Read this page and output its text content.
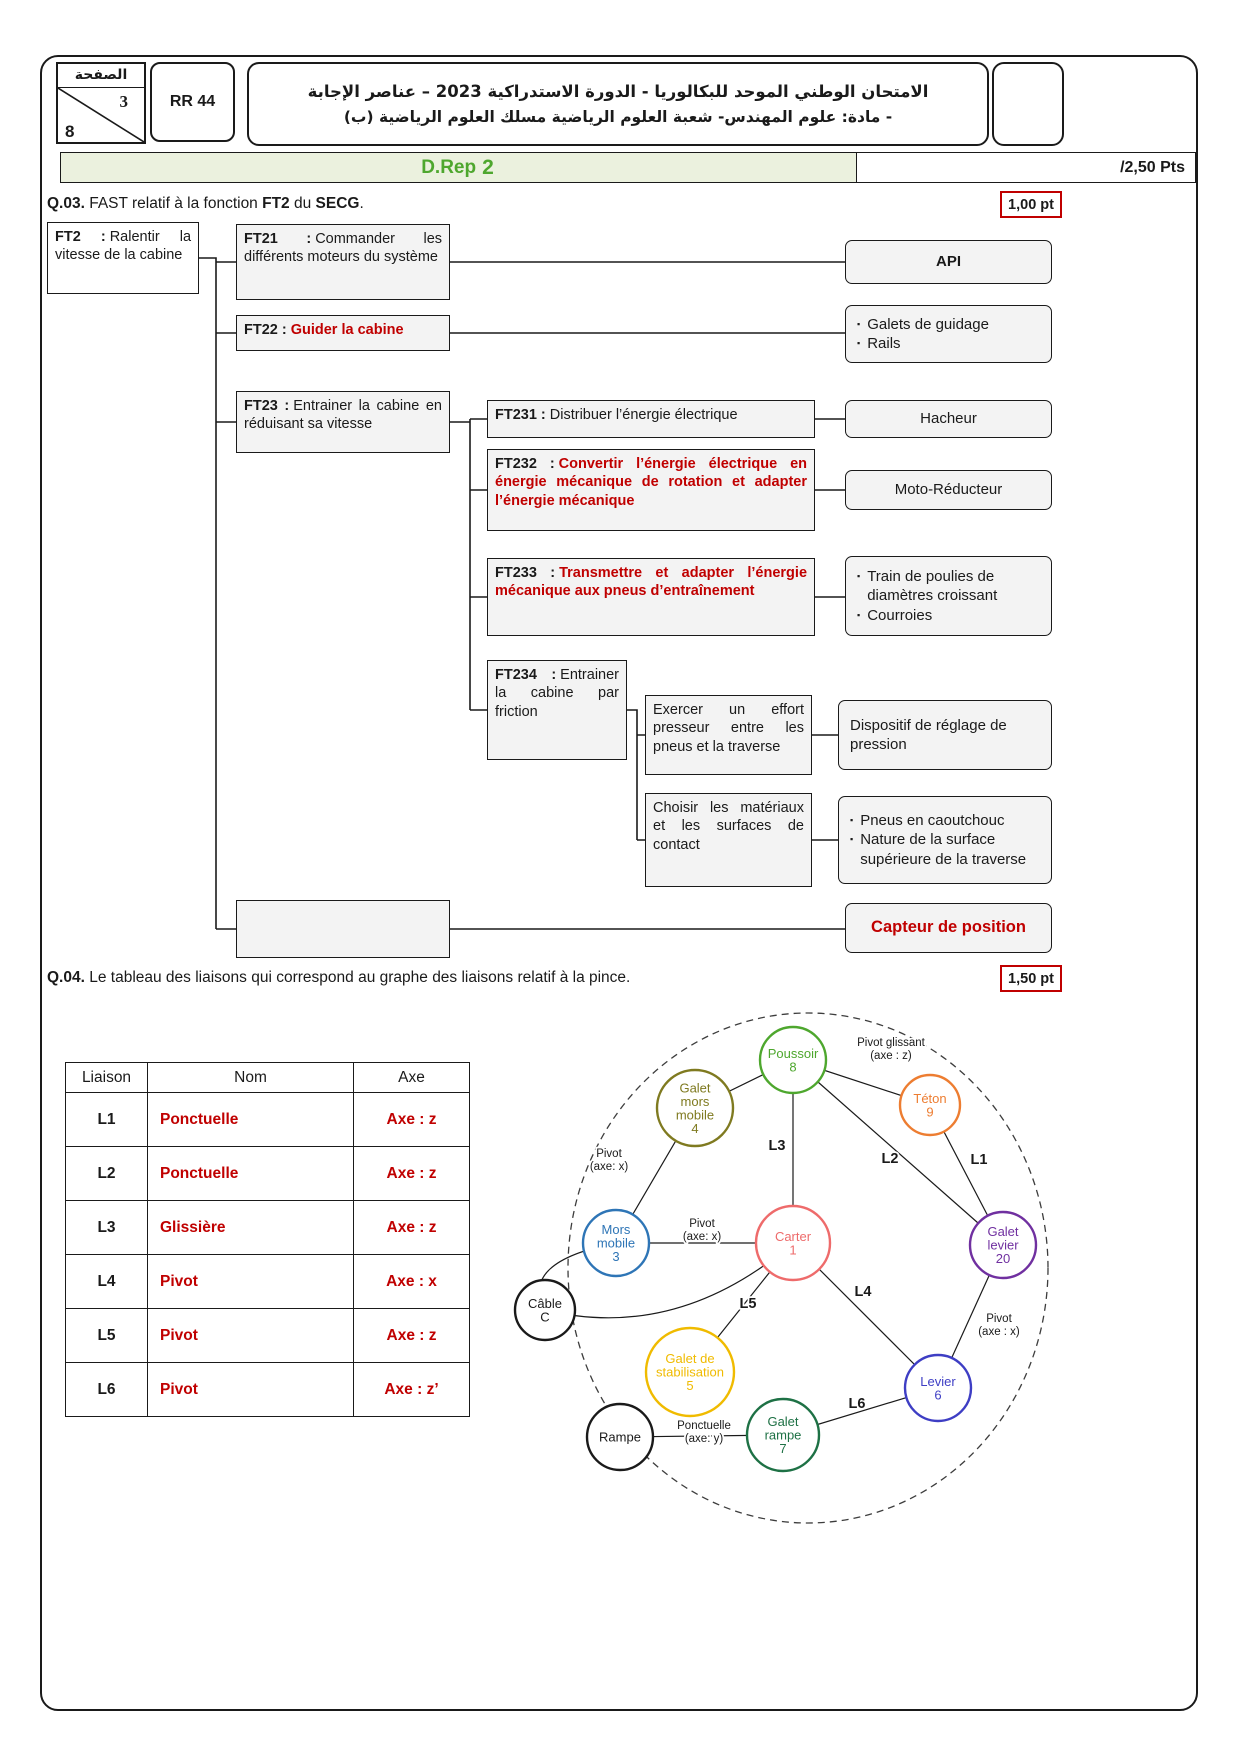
الصفحة
3
8
RR 44
الامتحان الوطني الموحد للبكالوريا - الدورة الاستدراكية 2023 – عناصر الإجابة
- مادة: علوم المهندس- شعبة العلوم الرياضية مسلك العلوم الرياضية (ب)
D.Rep 2	/2,50 Pts
Q.03. FAST relatif à la fonction FT2 du SECG.	1,00 pt
FT2 : Ralentir la vitesse de la cabine
FT21 : Commander les différents moteurs du système
FT22 : Guider la cabine
FT23 : Entrainer la cabine en réduisant sa vitesse
FT231 : Distribuer l’énergie électrique
FT232 : Convertir l’énergie électrique en énergie mécanique de rotation et adapter l’énergie mécanique
FT233 : Transmettre et adapter l’énergie mécanique aux pneus d’entraînement
FT234 : Entrainer la cabine par friction	Exercer un effort presseur entre les pneus et la traverse
Choisir les matériaux et les surfaces de contact
API
▪ Galets de guidage
▪ Rails
Hacheur
Moto-Réducteur
▪ Train de poulies de diamètres croissant
▪ Courroies
Dispositif de réglage de pression
▪ Pneus en caoutchouc
▪ Nature de la surface supérieure de la traverse
Capteur de position
Q.04. Le tableau des liaisons qui correspond au graphe des liaisons relatif à la pince.	1,50 pt
Liaison	Nom	Axe
L1	Ponctuelle	Axe : z
L2	Ponctuelle	Axe : z
L3	Glissière	Axe : z
L4	Pivot	Axe : x
L5	Pivot	Axe : z
L6	Pivot	Axe : z’
Pivot glissant (axe : z)
L3
L2	L1
Pivot (axe: x)
Pivot (axe: x)
L5
L4
Pivot (axe : x)
L6
Ponctuelle (axe: y)
Poussoir 8
Galet mors mobile 4
Téton 9
Mors mobile 3
Carter 1
Galet levier 20
Câble C
Galet de stabilisation 5	Levier 6
Galet rampe 7
Rampe
